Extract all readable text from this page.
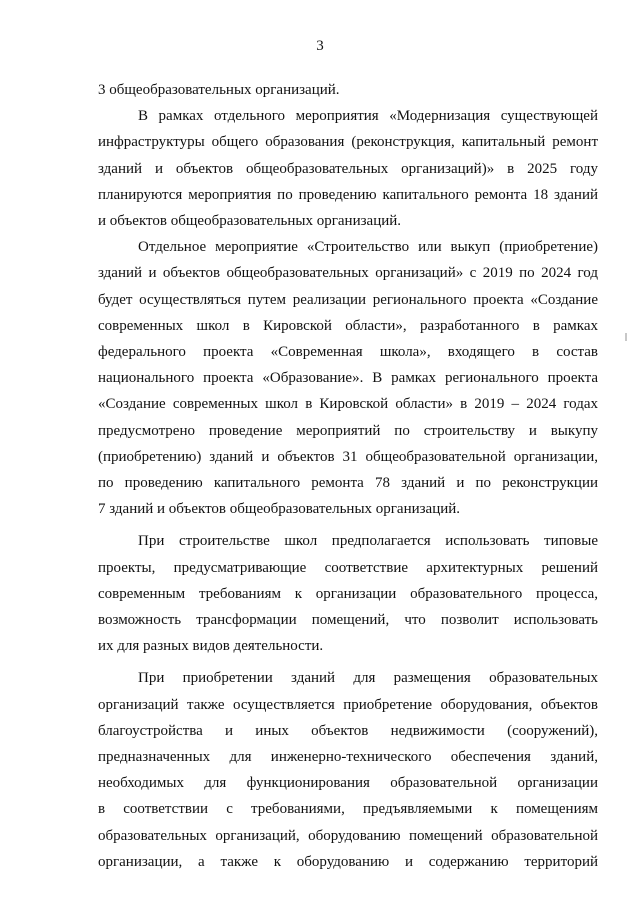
3
3 общеобразовательных организаций.
В рамках отдельного мероприятия «Модернизация существующей
инфраструктуры общего образования (реконструкция, капитальный ремонт
зданий и объектов общеобразовательных организаций)» в 2025 году
планируются мероприятия по проведению капитального ремонта 18 зданий
и объектов общеобразовательных организаций.
Отдельное мероприятие «Строительство или выкуп (приобретение)
зданий и объектов общеобразовательных организаций» с 2019 по 2024 год
будет осуществляться путем реализации регионального проекта «Создание
современных школ в Кировской области», разработанного в рамках
федерального проекта «Современная школа», входящего в состав
национального проекта «Образование». В рамках регионального проекта
«Создание современных школ в Кировской области» в 2019 – 2024 годах
предусмотрено проведение мероприятий по строительству и выкупу
(приобретению) зданий и объектов 31 общеобразовательной организации,
по проведению капитального ремонта 78 зданий и по реконструкции
7 зданий и объектов общеобразовательных организаций.
При строительстве школ предполагается использовать типовые
проекты, предусматривающие соответствие архитектурных решений
современным требованиям к организации образовательного процесса,
возможность трансформации помещений, что позволит использовать
их для разных видов деятельности.
При приобретении зданий для размещения образовательных
организаций также осуществляется приобретение оборудования, объектов
благоустройства и иных объектов недвижимости (сооружений),
предназначенных для инженерно-технического обеспечения зданий,
необходимых для функционирования образовательной организации
в соответствии с требованиями, предъявляемыми к помещениям
образовательных организаций, оборудованию помещений образовательной
организации, а также к оборудованию и содержанию территорий
